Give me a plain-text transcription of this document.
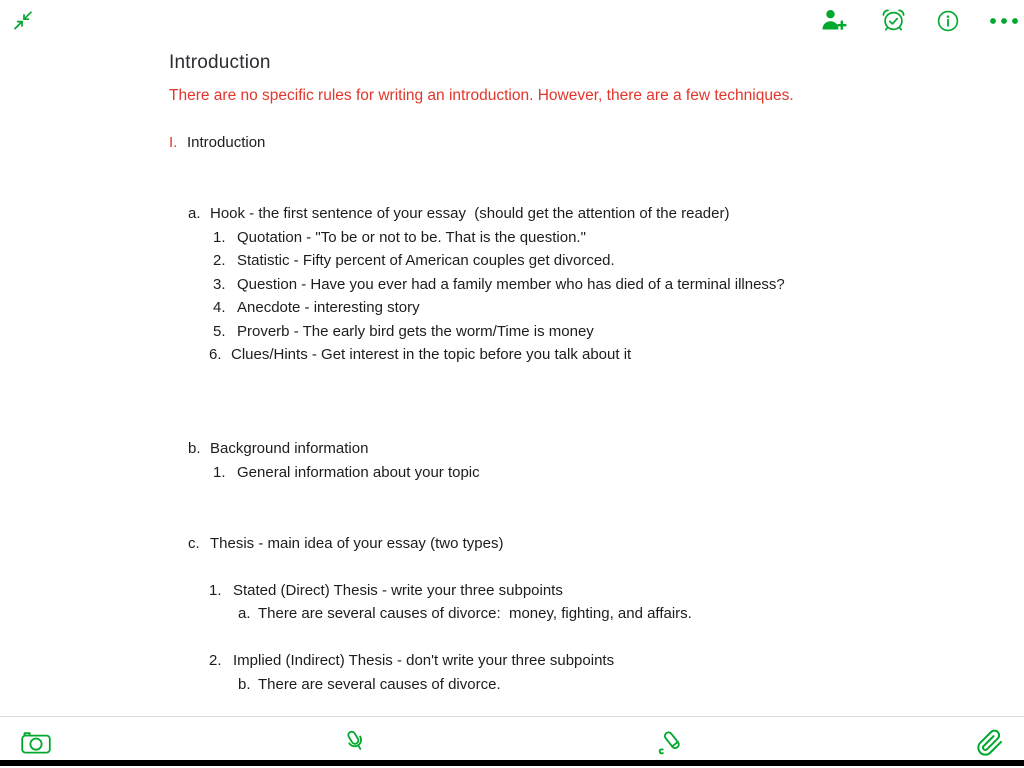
Introduction
There are no specific rules for writing an introduction. However, there are a few techniques.
I. Introduction
a. Hook - the first sentence of your essay  (should get the attention of the reader)
1. Quotation - "To be or not to be. That is the question."
2. Statistic - Fifty percent of American couples get divorced.
3. Question - Have you ever had a family member who has died of a terminal illness?
4. Anecdote - interesting story
5. Proverb - The early bird gets the worm/Time is money
6. Clues/Hints - Get interest in the topic before you talk about it
b. Background information
1. General information about your topic
c. Thesis - main idea of your essay (two types)
1. Stated (Direct) Thesis - write your three subpoints
a. There are several causes of divorce:  money, fighting, and affairs.
2. Implied (Indirect) Thesis - don't write your three subpoints
b. There are several causes of divorce.
